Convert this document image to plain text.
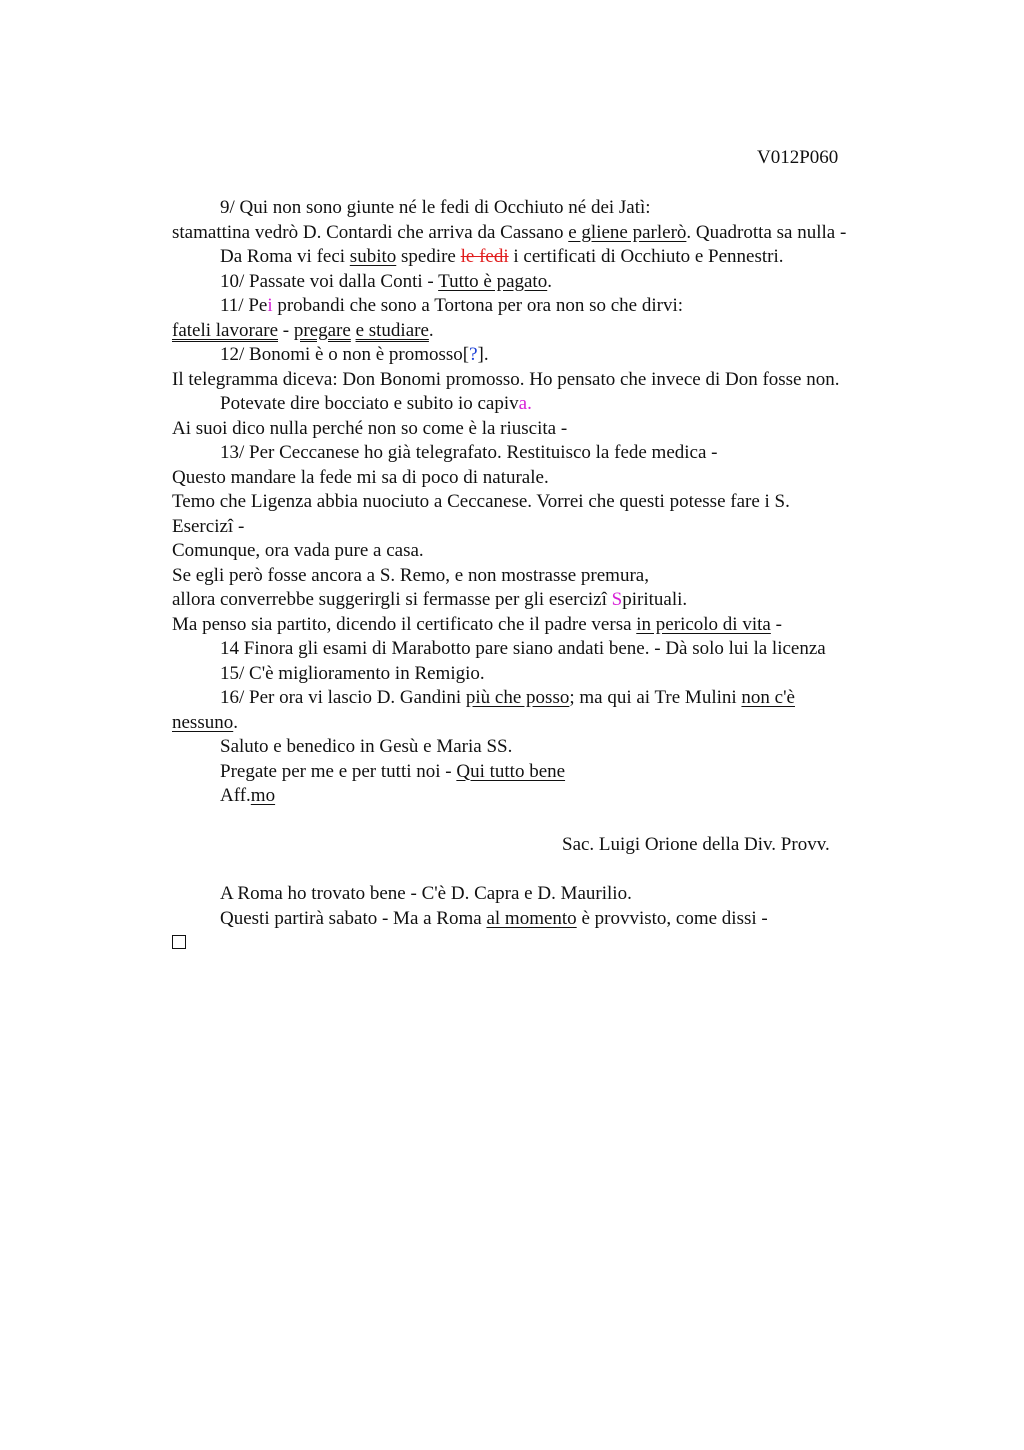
V012P060
9/ Qui non sono giunte né le fedi di Occhiuto né dei Jatì:
stamattina vedrò D. Contardi che arriva da Cassano e gliene parlerò. Quadrotta sa nulla -
Da Roma vi feci subito spedire le fedi i certificati di Occhiuto e Pennestri.
10/ Passate voi dalla Conti - Tutto è pagato.
11/ Pei probandi che sono a Tortona per ora non so che dirvi:
fateli lavorare - pregare e studiare.
12/ Bonomi è o non è promosso[?].
Il telegramma diceva: Don Bonomi promosso. Ho pensato che invece di Don fosse non.
Potevate dire bocciato e subito io capiva.
Ai suoi dico nulla perché non so come è la riuscita -
13/ Per Ceccanese ho già telegrafato. Restituisco la fede medica -
Questo mandare la fede mi sa di poco di naturale.
Temo che Ligenza abbia nuociuto a Ceccanese. Vorrei che questi potesse fare i S.
Esercizî -
Comunque, ora vada pure a casa.
Se egli però fosse ancora a S. Remo, e non mostrasse premura,
allora converrebbe suggerirgli si fermasse per gli esercizî Spirituali.
Ma penso sia partito, dicendo il certificato che il padre versa in pericolo di vita -
14 Finora gli esami di Marabotto pare siano andati bene. - Dà solo lui la licenza
15/ C'è miglioramento in Remigio.
16/ Per ora vi lascio D. Gandini più che posso; ma qui ai Tre Mulini non c'è
nessuno.
Saluto e benedico in Gesù e Maria SS.
Pregate per me e per tutti noi - Qui tutto bene
Aff.mo
Sac. Luigi Orione della Div. Provv.
A Roma ho trovato bene - C'è D. Capra e D. Maurilio.
Questi partirà sabato - Ma a Roma al momento è provvisto, come dissi -
